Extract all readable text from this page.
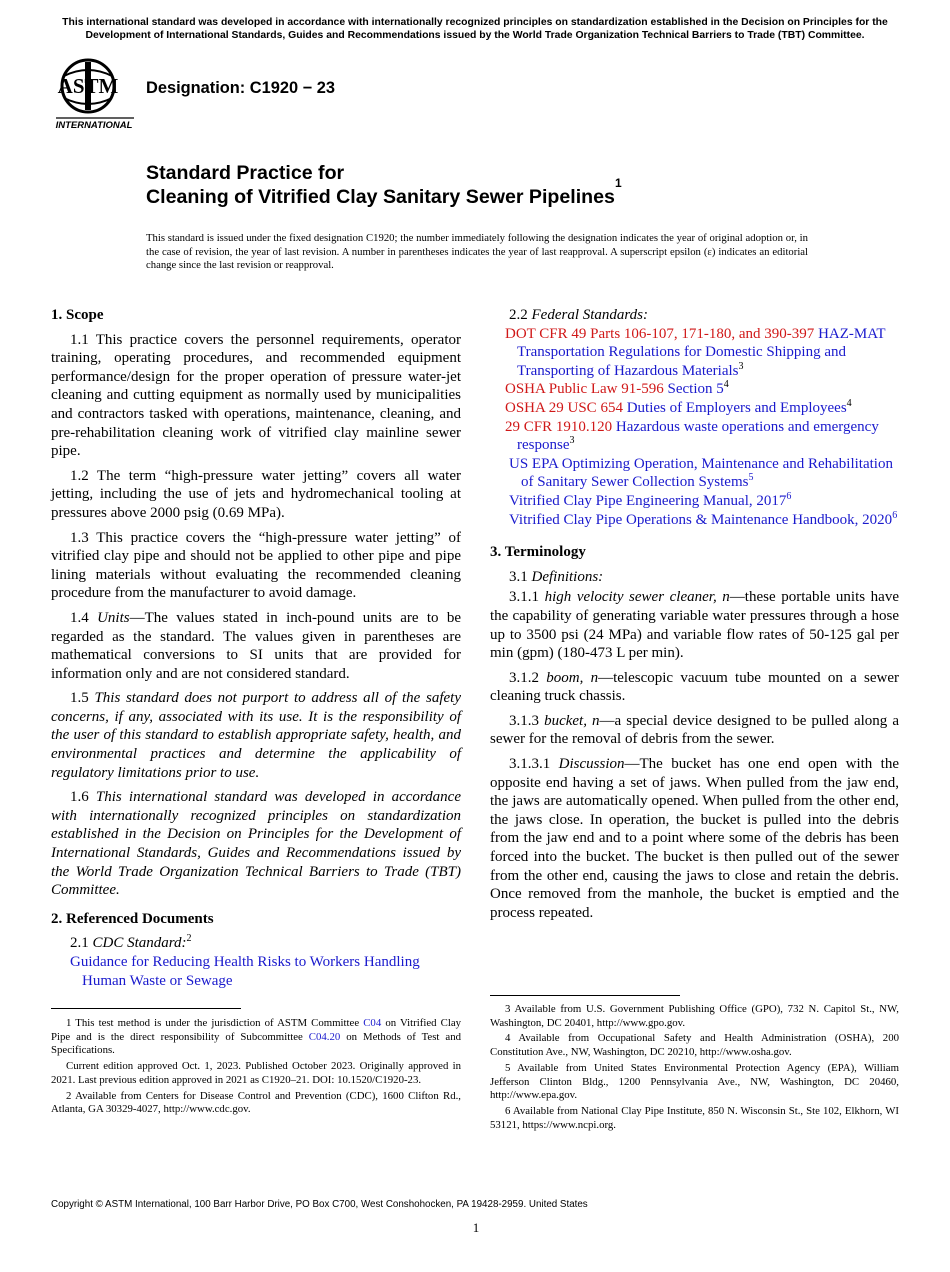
This international standard was developed in accordance with internationally recognized principles on standardization established in the Decision on Principles for the Development of International Standards, Guides and Recommendations issued by the World Trade Organization Technical Barriers to Trade (TBT) Committee.
ASTM
INTERNATIONAL
Designation: C1920 − 23
Standard Practice for
Cleaning of Vitrified Clay Sanitary Sewer Pipelines$^1$
This standard is issued under the fixed designation C1920; the number immediately following the designation indicates the year of original adoption or, in the case of revision, the year of last revision. A number in parentheses indicates the year of last reapproval. A superscript epsilon (ε) indicates an editorial change since the last revision or reapproval.
1. Scope

1.1 This practice covers the personnel requirements, operator training, operating procedures, and recommended equipment performance/design for the proper operation of pressure water-jet cleaning and cutting equipment as normally used by municipalities and contractors tasked with operations, maintenance, cleaning, and pre-rehabilitation cleaning work of vitrified clay mainline sewer pipe.

1.2 The term “high-pressure water jetting” covers all water jetting, including the use of jets and hydromechanical tooling at pressures above 2000 psig (0.69 MPa).

1.3 This practice covers the “high-pressure water jetting” of vitrified clay pipe and should not be applied to other pipe and pipe lining materials without evaluating the recommended cleaning procedure from the manufacturer to avoid damage.

1.4 Units—The values stated in inch-pound units are to be regarded as the standard. The values given in parentheses are mathematical conversions to SI units that are provided for information only and are not considered standard.

1.5 This standard does not purport to address all of the safety concerns, if any, associated with its use. It is the responsibility of the user of this standard to establish appropriate safety, health, and environmental practices and determine the applicability of regulatory limitations prior to use.

1.6 This international standard was developed in accordance with internationally recognized principles on standardization established in the Decision on Principles for the Development of International Standards, Guides and Recommendations issued by the World Trade Organization Technical Barriers to Trade (TBT) Committee.

2. Referenced Documents

2.1 CDC Standard:$^2$

Guidance for Reducing Health Risks to Workers Handling Human Waste or Sewage

2.2 Federal Standards:

DOT CFR 49 Parts 106-107, 171-180, and 390-397 HAZ-MAT Transportation Regulations for Domestic Shipping and Transporting of Hazardous Materials$^3$

OSHA Public Law 91-596 Section $5^4$

OSHA 29 USC 654 Duties of Employers and Employees$^4$

29 CFR 1910.120 Hazardous waste operations and emergency response$^3$

US EPA Optimizing Operation, Maintenance and Rehabilitation of Sanitary Sewer Collection Systems$^5$

Vitrified Clay Pipe Engineering Manual, 2017$^6$

Vitrified Clay Pipe Operations & Maintenance Handbook, 2020$^6$

3. Terminology

3.1 Definitions:

3.1.1 high velocity sewer cleaner, n—these portable units have the capability of generating variable water pressures through a hose up to 3500 psi (24 MPa) and variable flow rates of 50-125 gal per min (gpm) (180-473 L per min).

3.1.2 boom, n—telescopic vacuum tube mounted on a sewer cleaning truck chassis.

3.1.3 bucket, n—a special device designed to be pulled along a sewer for the removal of debris from the sewer.

3.1.3.1 Discussion—The bucket has one end open with the opposite end having a set of jaws. When pulled from the jaw end, the jaws are automatically opened. When pulled from the other end, the jaws close. In operation, the bucket is pulled into the debris from the jaw end and to a point where some of the debris has been forced into the bucket. The bucket is then pulled out of the sewer from the other end, causing the jaws to close and retain the debris. Once removed from the manhole, the bucket is emptied and the process repeated.

1 This test method is under the jurisdiction of ASTM Committee C04 on Vitrified Clay Pipe and is the direct responsibility of Subcommittee C04.20 on Methods of Test and Specifications.

Current edition approved Oct. 1, 2023. Published October 2023. Originally approved in 2021. Last previous edition approved in 2021 as C1920–21. DOI: 10.1520/C1920-23.

2 Available from Centers for Disease Control and Prevention (CDC), 1600 Clifton Rd., Atlanta, GA 30329-4027, http://www.cdc.gov.

3 Available from U.S. Government Publishing Office (GPO), 732 N. Capitol St., NW, Washington, DC 20401, http://www.gpo.gov.

4 Available from Occupational Safety and Health Administration (OSHA), 200 Constitution Ave., NW, Washington, DC 20210, http://www.osha.gov.

5 Available from United States Environmental Protection Agency (EPA), William Jefferson Clinton Bldg., 1200 Pennsylvania Ave., NW, Washington, DC 20460, http://www.epa.gov.

6 Available from National Clay Pipe Institute, 850 N. Wisconsin St., Ste 102, Elkhorn, WI 53121, https://www.ncpi.org.

Copyright © ASTM International, 100 Barr Harbor Drive, PO Box C700, West Conshohocken, PA 19428-2959. United States
1
